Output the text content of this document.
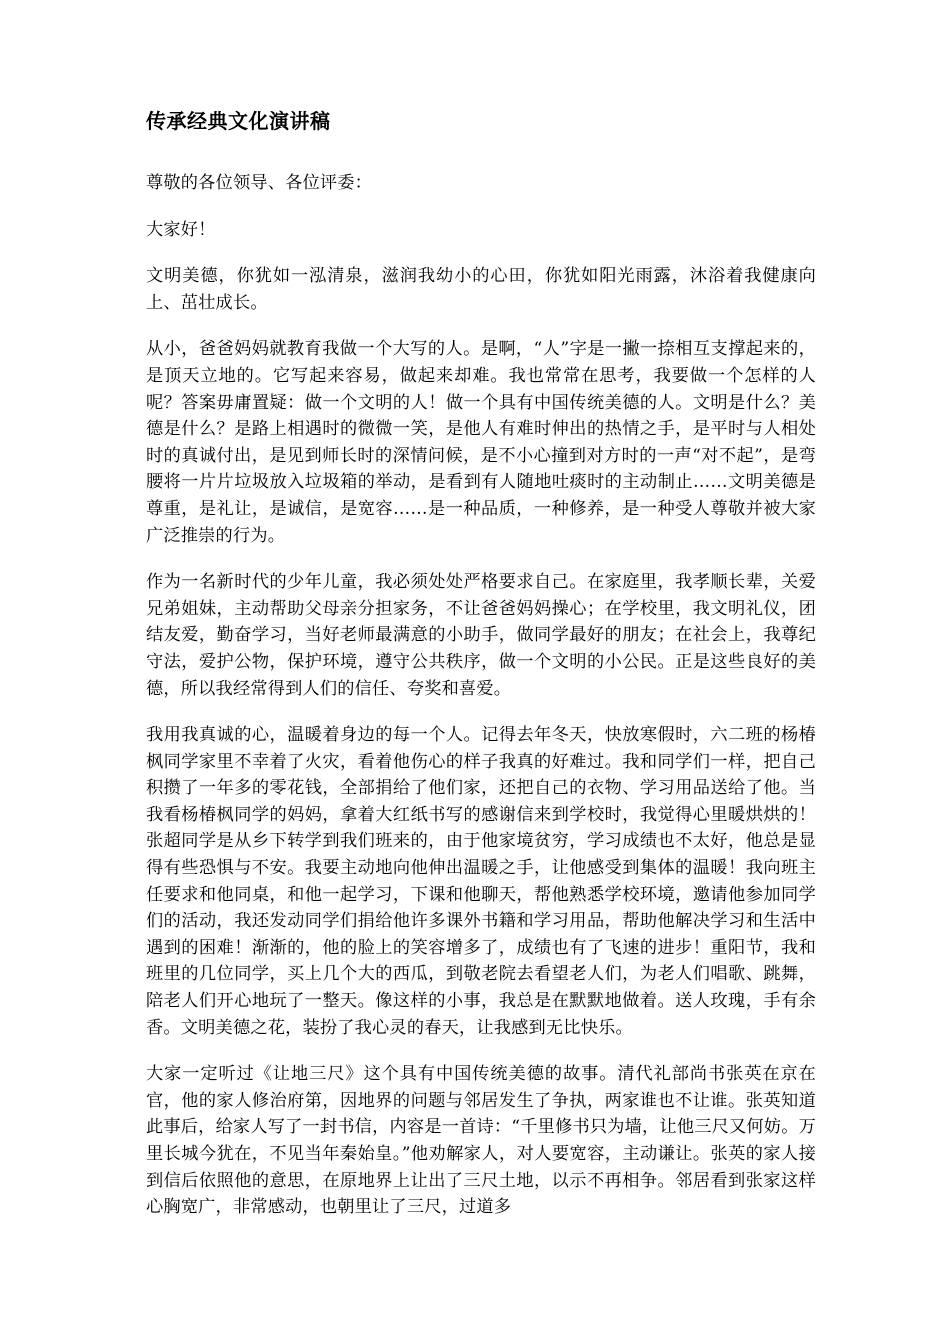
传承经典文化演讲稿

尊敬的各位领导、各位评委：

大家好！

文明美德，你犹如一泓清泉，滋润我幼小的心田，你犹如阳光雨露，沐浴着我健康向上、茁壮成长。

从小，爸爸妈妈就教育我做一个大写的人。是啊，“人”字是一撇一捺相互支撑起来的，是顶天立地的。它写起来容易，做起来却难。我也常常在思考，我要做一个怎样的人呢？答案毋庸置疑：做一个文明的人！做一个具有中国传统美德的人。文明是什么？美德是什么？是路上相遇时的微微一笑，是他人有难时伸出的热情之手，是平时与人相处时的真诚付出，是见到师长时的深情问候，是不小心撞到对方时的一声“对不起”，是弯腰将一片片垃圾放入垃圾箱的举动，是看到有人随地吐痰时的主动制止……文明美德是尊重，是礼让，是诚信，是宽容……是一种品质，一种修养，是一种受人尊敬并被大家广泛推崇的行为。

作为一名新时代的少年儿童，我必须处处严格要求自己。在家庭里，我孝顺长辈，关爱兄弟姐妹，主动帮助父母亲分担家务，不让爸爸妈妈操心；在学校里，我文明礼仪，团结友爱，勤奋学习，当好老师最满意的小助手，做同学最好的朋友；在社会上，我尊纪守法，爱护公物，保护环境，遵守公共秩序，做一个文明的小公民。正是这些良好的美德，所以我经常得到人们的信任、夸奖和喜爱。

我用我真诚的心，温暖着身边的每一个人。记得去年冬天，快放寒假时，六二班的杨椿枫同学家里不幸着了火灾，看着他伤心的样子我真的好难过。我和同学们一样，把自己积攒了一年多的零花钱，全部捐给了他们家，还把自己的衣物、学习用品送给了他。当我看杨椿枫同学的妈妈，拿着大红纸书写的感谢信来到学校时，我觉得心里暖烘烘的！张超同学是从乡下转学到我们班来的，由于他家境贫穷，学习成绩也不太好，他总是显得有些恐惧与不安。我要主动地向他伸出温暖之手，让他感受到集体的温暖！我向班主任要求和他同桌，和他一起学习，下课和他聊天，帮他熟悉学校环境，邀请他参加同学们的活动，我还发动同学们捐给他许多课外书籍和学习用品，帮助他解决学习和生活中遇到的困难！渐渐的，他的脸上的笑容增多了，成绩也有了飞速的进步！重阳节，我和班里的几位同学，买上几个大的西瓜，到敬老院去看望老人们，为老人们唱歌、跳舞，陪老人们开心地玩了一整天。像这样的小事，我总是在默默地做着。送人玫瑰，手有余香。文明美德之花，装扮了我心灵的春天，让我感到无比快乐。

大家一定听过《让地三尺》这个具有中国传统美德的故事。清代礼部尚书张英在京在官，他的家人修治府第，因地界的问题与邻居发生了争执，两家谁也不让谁。张英知道此事后，给家人写了一封书信，内容是一首诗：“千里修书只为墙，让他三尺又何妨。万里长城今犹在，不见当年秦始皇。”他劝解家人，对人要宽容，主动谦让。张英的家人接到信后依照他的意思，在原地界上让出了三尺土地，以示不再相争。邻居看到张家这样心胸宽广，非常感动，也朝里让了三尺，过道多
